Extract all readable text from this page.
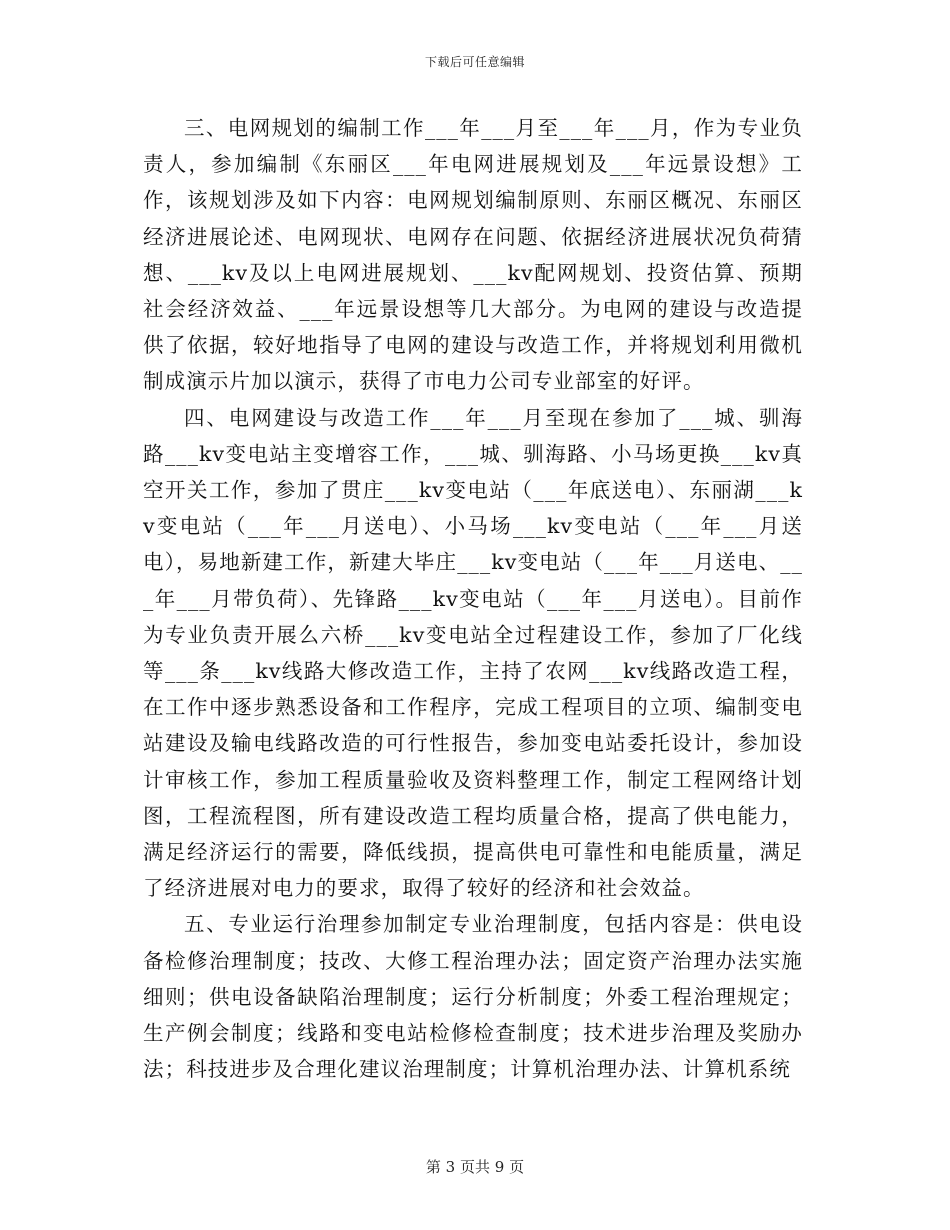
下载后可任意编辑

三、电网规划的编制工作___年___月至___年___月，作为专业负责人，参加编制《东丽区___年电网进展规划及___年远景设想》工作，该规划涉及如下内容：电网规划编制原则、东丽区概况、东丽区经济进展论述、电网现状、电网存在问题、依据经济进展状况负荷猜想、___kv及以上电网进展规划、___kv配网规划、投资估算、预期社会经济效益、___年远景设想等几大部分。为电网的建设与改造提供了依据，较好地指导了电网的建设与改造工作，并将规划利用微机制成演示片加以演示，获得了市电力公司专业部室的好评。

四、电网建设与改造工作___年___月至现在参加了___城、驯海路___kv变电站主变增容工作，___城、驯海路、小马场更换___kv真空开关工作，参加了贯庄___kv变电站（___年底送电）、东丽湖___kv变电站（___年___月送电）、小马场___kv变电站（___年___月送电），易地新建工作，新建大毕庄___kv变电站（___年___月送电、___年___月带负荷）、先锋路___kv变电站（___年___月送电）。目前作为专业负责开展么六桥___kv变电站全过程建设工作，参加了厂化线等___条___kv线路大修改造工作，主持了农网___kv线路改造工程，在工作中逐步熟悉设备和工作程序，完成工程项目的立项、编制变电站建设及输电线路改造的可行性报告，参加变电站委托设计，参加设计审核工作，参加工程质量验收及资料整理工作，制定工程网络计划图，工程流程图，所有建设改造工程均质量合格，提高了供电能力，满足经济运行的需要，降低线损，提高供电可靠性和电能质量，满足了经济进展对电力的要求，取得了较好的经济和社会效益。

五、专业运行治理参加制定专业治理制度，包括内容是：供电设备检修治理制度；技改、大修工程治理办法；固定资产治理办法实施细则；供电设备缺陷治理制度；运行分析制度；外委工程治理规定；生产例会制度；线路和变电站检修检查制度；技术进步治理及奖励办法；科技进步及合理化建议治理制度；计算机治理办法、计算机系统

第 3 页共 9 页
